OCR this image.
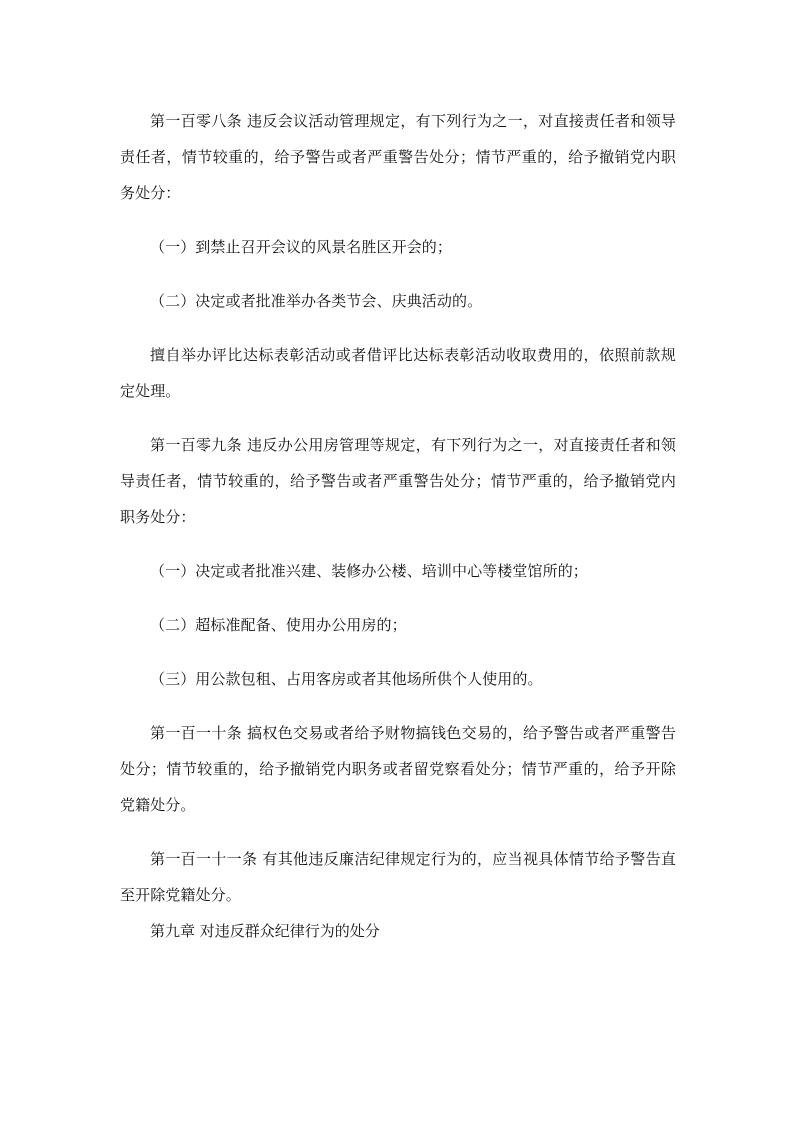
第一百零八条 违反会议活动管理规定，有下列行为之一，对直接责任者和领导责任者，情节较重的，给予警告或者严重警告处分；情节严重的，给予撤销党内职务处分：

（一）到禁止召开会议的风景名胜区开会的；

（二）决定或者批准举办各类节会、庆典活动的。

擅自举办评比达标表彰活动或者借评比达标表彰活动收取费用的，依照前款规定处理。

第一百零九条 违反办公用房管理等规定，有下列行为之一，对直接责任者和领导责任者，情节较重的，给予警告或者严重警告处分；情节严重的，给予撤销党内职务处分：

（一）决定或者批准兴建、装修办公楼、培训中心等楼堂馆所的；

（二）超标准配备、使用办公用房的；

（三）用公款包租、占用客房或者其他场所供个人使用的。

第一百一十条 搞权色交易或者给予财物搞钱色交易的，给予警告或者严重警告处分；情节较重的，给予撤销党内职务或者留党察看处分；情节严重的，给予开除党籍处分。

第一百一十一条 有其他违反廉洁纪律规定行为的，应当视具体情节给予警告直至开除党籍处分。

第九章 对违反群众纪律行为的处分
